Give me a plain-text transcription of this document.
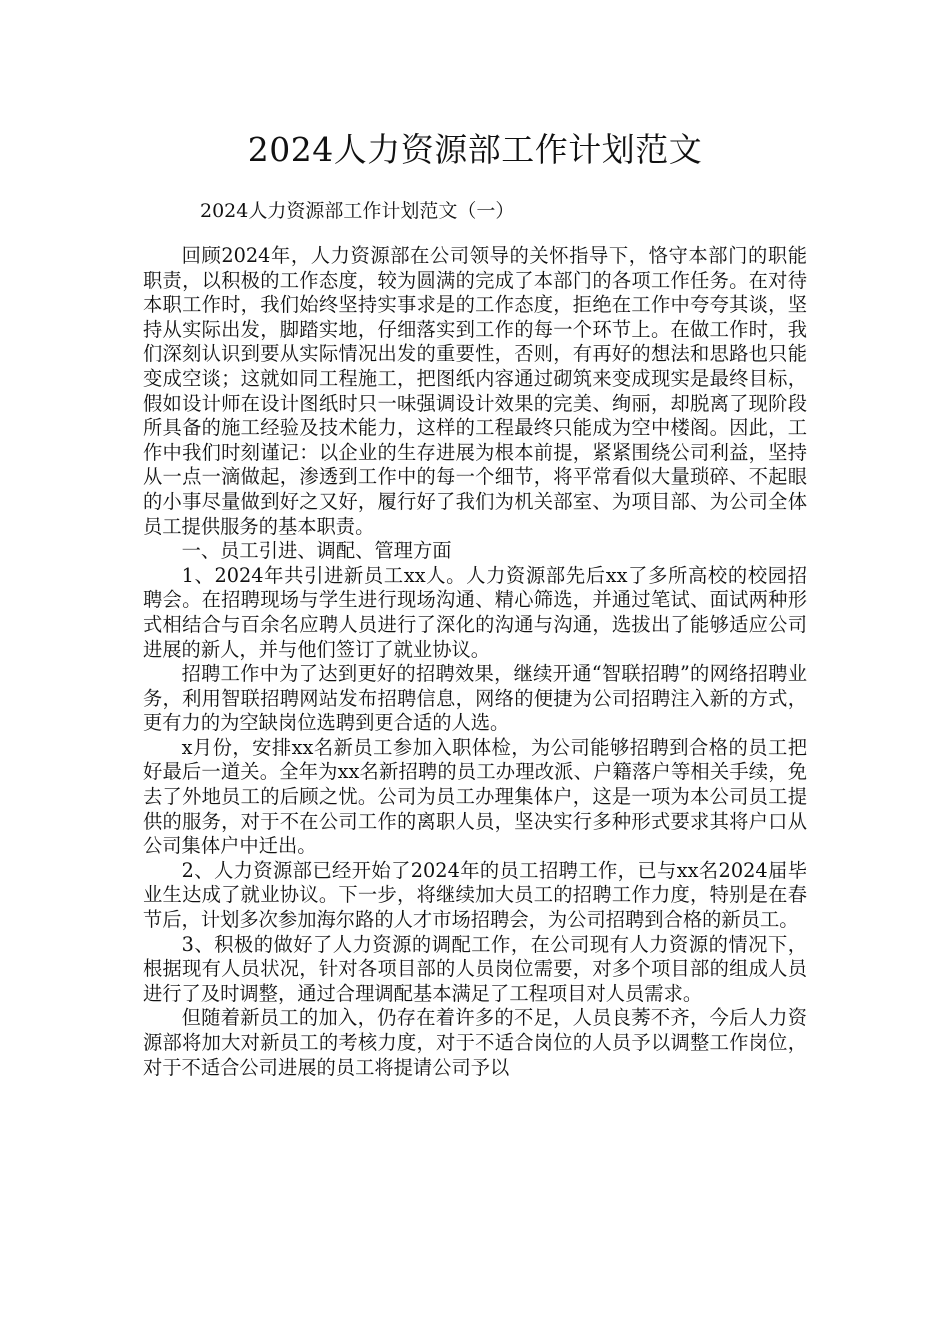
2024人力资源部工作计划范文
2024人力资源部工作计划范文（一）

回顾2024年，人力资源部在公司领导的关怀指导下，恪守本部门的职能职责，以积极的工作态度，较为圆满的完成了本部门的各项工作任务。在对待本职工作时，我们始终坚持实事求是的工作态度，拒绝在工作中夸夸其谈，坚持从实际出发，脚踏实地，仔细落实到工作的每一个环节上。在做工作时，我们深刻认识到要从实际情况出发的重要性，否则，有再好的想法和思路也只能变成空谈；这就如同工程施工，把图纸内容通过砌筑来变成现实是最终目标，假如设计师在设计图纸时只一味强调设计效果的完美、绚丽，却脱离了现阶段所具备的施工经验及技术能力，这样的工程最终只能成为空中楼阁。因此，工作中我们时刻谨记：以企业的生存进展为根本前提，紧紧围绕公司利益，坚持从一点一滴做起，渗透到工作中的每一个细节，将平常看似大量琐碎、不起眼的小事尽量做到好之又好，履行好了我们为机关部室、为项目部、为公司全体员工提供服务的基本职责。

一、员工引进、调配、管理方面

1、2024年共引进新员工xx人。人力资源部先后xx了多所高校的校园招聘会。在招聘现场与学生进行现场沟通、精心筛选，并通过笔试、面试两种形式相结合与百余名应聘人员进行了深化的沟通与沟通，选拔出了能够适应公司进展的新人，并与他们签订了就业协议。

招聘工作中为了达到更好的招聘效果，继续开通“智联招聘”的网络招聘业务，利用智联招聘网站发布招聘信息，网络的便捷为公司招聘注入新的方式，更有力的为空缺岗位选聘到更合适的人选。

x月份，安排xx名新员工参加入职体检，为公司能够招聘到合格的员工把好最后一道关。全年为xx名新招聘的员工办理改派、户籍落户等相关手续，免去了外地员工的后顾之忧。公司为员工办理集体户，这是一项为本公司员工提供的服务，对于不在公司工作的离职人员，坚决实行多种形式要求其将户口从公司集体户中迁出。

2、人力资源部已经开始了2024年的员工招聘工作，已与xx名2024届毕业生达成了就业协议。下一步，将继续加大员工的招聘工作力度，特别是在春节后，计划多次参加海尔路的人才市场招聘会，为公司招聘到合格的新员工。

3、积极的做好了人力资源的调配工作，在公司现有人力资源的情况下，根据现有人员状况，针对各项目部的人员岗位需要，对多个项目部的组成人员进行了及时调整，通过合理调配基本满足了工程项目对人员需求。

但随着新员工的加入，仍存在着许多的不足，人员良莠不齐，今后人力资源部将加大对新员工的考核力度，对于不适合岗位的人员予以调整工作岗位，对于不适合公司进展的员工将提请公司予以
